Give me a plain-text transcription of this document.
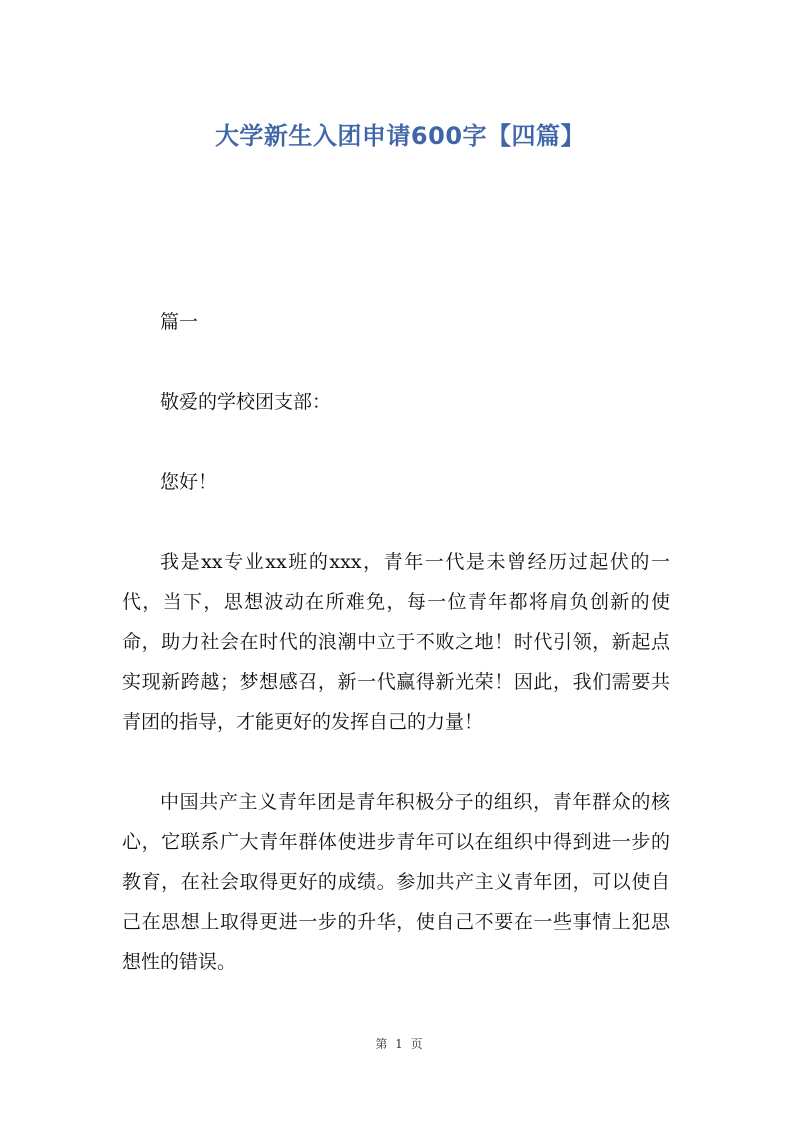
大学新生入团申请600字【四篇】

篇一

敬爱的学校团支部：

您好！

我是xx专业xx班的xxx，青年一代是未曾经历过起伏的一代，当下，思想波动在所难免，每一位青年都将肩负创新的使命，助力社会在时代的浪潮中立于不败之地！时代引领，新起点实现新跨越；梦想感召，新一代赢得新光荣！因此，我们需要共青团的指导，才能更好的发挥自己的力量！

中国共产主义青年团是青年积极分子的组织，青年群众的核心，它联系广大青年群体使进步青年可以在组织中得到进一步的教育，在社会取得更好的成绩。参加共产主义青年团，可以使自己在思想上取得更进一步的升华，使自己不要在一些事情上犯思想性的错误。

第 1 页
